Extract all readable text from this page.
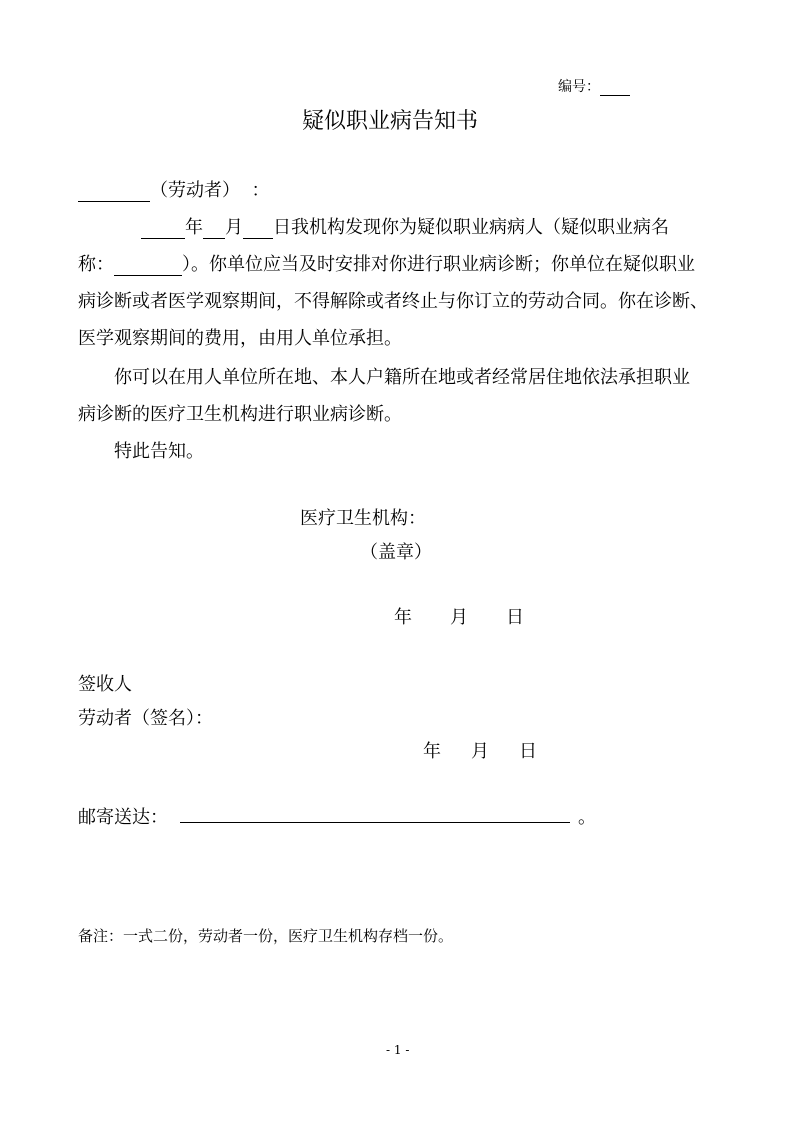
编号：
疑似职业病告知书
（劳动者） ：
年 月 日我机构发现你为疑似职业病病人（疑似职业病名
称：	）。你单位应当及时安排对你进行职业病诊断；你单位在疑似职业
病诊断或者医学观察期间，不得解除或者终止与你订立的劳动合同。你在诊断、
医学观察期间的费用，由用人单位承担。
你可以在用人单位所在地、本人户籍所在地或者经常居住地依法承担职业
病诊断的医疗卫生机构进行职业病诊断。
特此告知。
医疗卫生机构：
（盖章）
年 月 日
签收人
劳动者（签名）：
年 月 日
邮寄送达：	。
备注：一式二份，劳动者一份，医疗卫生机构存档一份。
- 1 -
